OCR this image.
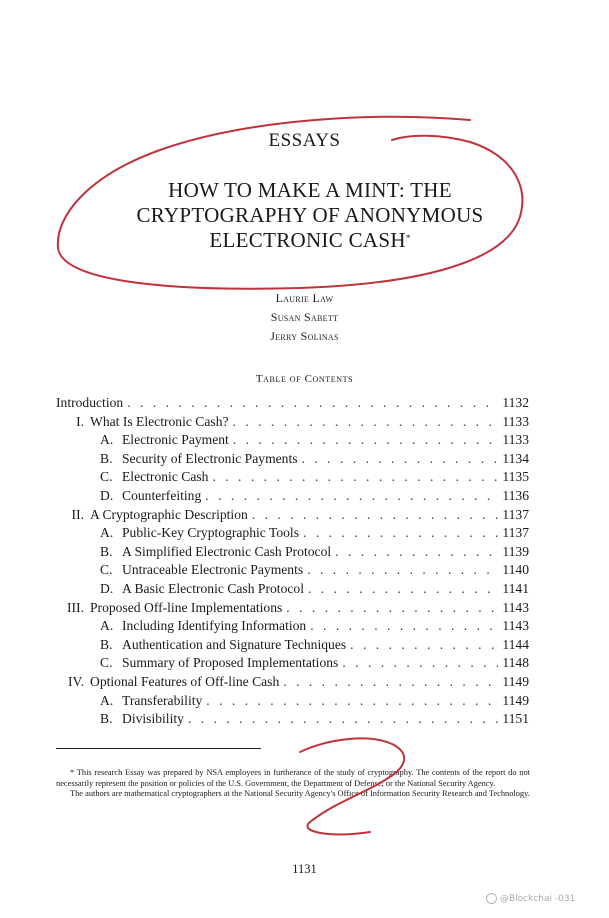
ESSAYS
HOW TO MAKE A MINT: THE
CRYPTOGRAPHY OF ANONYMOUS
ELECTRONIC CASH*
Laurie Law
Susan Sabett
Jerry Solinas
Table of Contents
Introduction . . .	1132
I. What Is Electronic Cash? . . .	1133
A. Electronic Payment . . .	1133
B. Security of Electronic Payments . . .	1134
C. Electronic Cash . . .	1135
D. Counterfeiting . . .	1136
II. A Cryptographic Description . . .	1137
A. Public-Key Cryptographic Tools . . .	1137
B. A Simplified Electronic Cash Protocol . . .	1139
C. Untraceable Electronic Payments . . .	1140
D. A Basic Electronic Cash Protocol . . .	1141
III. Proposed Off-line Implementations . . .	1143
A. Including Identifying Information . . .	1143
B. Authentication and Signature Techniques . . .	1144
C. Summary of Proposed Implementations . . .	1148
IV. Optional Features of Off-line Cash . . .	1149
A. Transferability . . .	1149
B. Divisibility . . .	1151

* This research Essay was prepared by NSA employees in furtherance of the study of cryptography. The contents of the report do not necessarily represent the position or policies of the U.S. Government, the Department of Defense, or the National Security Agency.

The authors are mathematical cryptographers at the National Security Agency's Office of Information Security Research and Technology.

1131
@Blockchai -031
